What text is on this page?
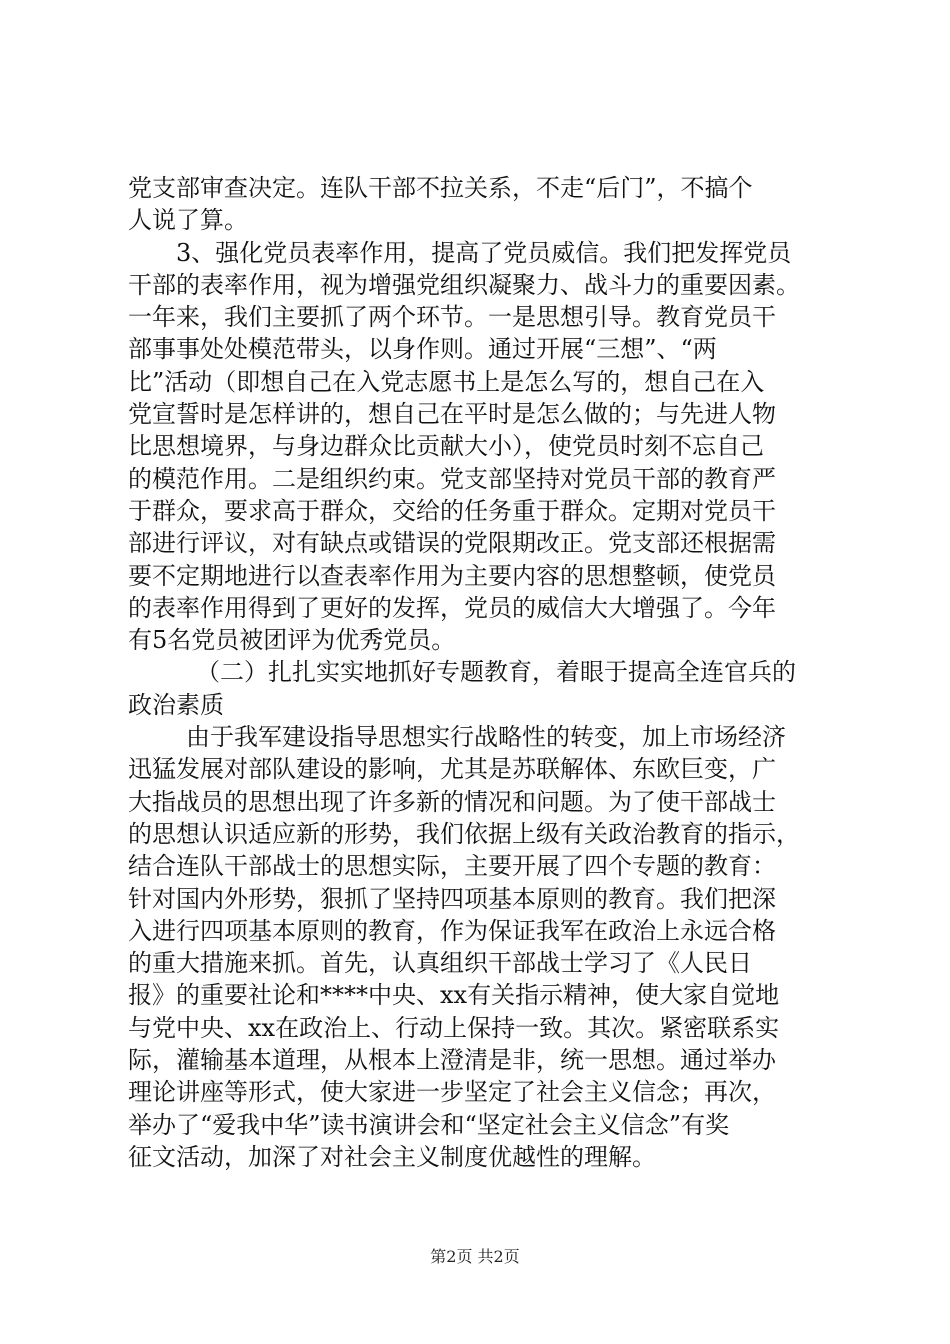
党支部审查决定。连队干部不拉关系，不走“后门”，不搞个
人说了算。
3、强化党员表率作用，提高了党员威信。我们把发挥党员
干部的表率作用，视为增强党组织凝聚力、战斗力的重要因素。
一年来，我们主要抓了两个环节。一是思想引导。教育党员干
部事事处处模范带头，以身作则。通过开展“三想”、“两
比”活动（即想自己在入党志愿书上是怎么写的，想自己在入
党宣誓时是怎样讲的，想自己在平时是怎么做的；与先进人物
比思想境界，与身边群众比贡献大小），使党员时刻不忘自己
的模范作用。二是组织约束。党支部坚持对党员干部的教育严
于群众，要求高于群众，交给的任务重于群众。定期对党员干
部进行评议，对有缺点或错误的党限期改正。党支部还根据需
要不定期地进行以查表率作用为主要内容的思想整顿，使党员
的表率作用得到了更好的发挥，党员的威信大大增强了。今年
有5名党员被团评为优秀党员。
（二）扎扎实实地抓好专题教育，着眼于提高全连官兵的
政治素质
由于我军建设指导思想实行战略性的转变，加上市场经济
迅猛发展对部队建设的影响，尤其是苏联解体、东欧巨变，广
大指战员的思想出现了许多新的情况和问题。为了使干部战士
的思想认识适应新的形势，我们依据上级有关政治教育的指示，
结合连队干部战士的思想实际，主要开展了四个专题的教育：
针对国内外形势，狠抓了坚持四项基本原则的教育。我们把深
入进行四项基本原则的教育，作为保证我军在政治上永远合格
的重大措施来抓。首先，认真组织干部战士学习了《人民日
报》的重要社论和****中央、xx有关指示精神，使大家自觉地
与党中央、xx在政治上、行动上保持一致。其次。紧密联系实
际，灌输基本道理，从根本上澄清是非，统一思想。通过举办
理论讲座等形式，使大家进一步坚定了社会主义信念；再次，
举办了“爱我中华”读书演讲会和“坚定社会主义信念”有奖
征文活动，加深了对社会主义制度优越性的理解。
第2页 共2页
